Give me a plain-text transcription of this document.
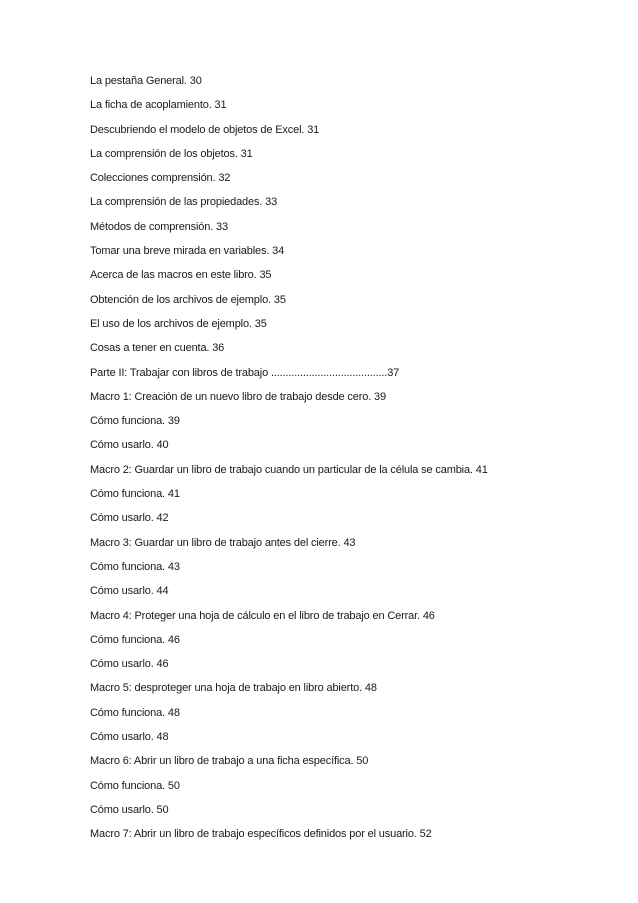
La pestaña General. 30
La ficha de acoplamiento. 31
Descubriendo el modelo de objetos de Excel. 31
La comprensión de los objetos. 31
Colecciones comprensión. 32
La comprensión de las propiedades. 33
Métodos de comprensión. 33
Tomar una breve mirada en variables. 34
Acerca de las macros en este libro. 35
Obtención de los archivos de ejemplo. 35
El uso de los archivos de ejemplo. 35
Cosas a tener en cuenta. 36
Parte II: Trabajar con libros de trabajo ........................................37
Macro 1: Creación de un nuevo libro de trabajo desde cero. 39
Cómo funciona. 39
Cómo usarlo. 40
Macro 2: Guardar un libro de trabajo cuando un particular de la célula se cambia. 41
Cómo funciona. 41
Cómo usarlo. 42
Macro 3: Guardar un libro de trabajo antes del cierre. 43
Cómo funciona. 43
Cómo usarlo. 44
Macro 4: Proteger una hoja de cálculo en el libro de trabajo en Cerrar. 46
Cómo funciona. 46
Cómo usarlo. 46
Macro 5: desproteger una hoja de trabajo en libro abierto. 48
Cómo funciona. 48
Cómo usarlo. 48
Macro 6: Abrir un libro de trabajo a una ficha específica. 50
Cómo funciona. 50
Cómo usarlo. 50
Macro 7: Abrir un libro de trabajo específicos definidos por el usuario. 52
